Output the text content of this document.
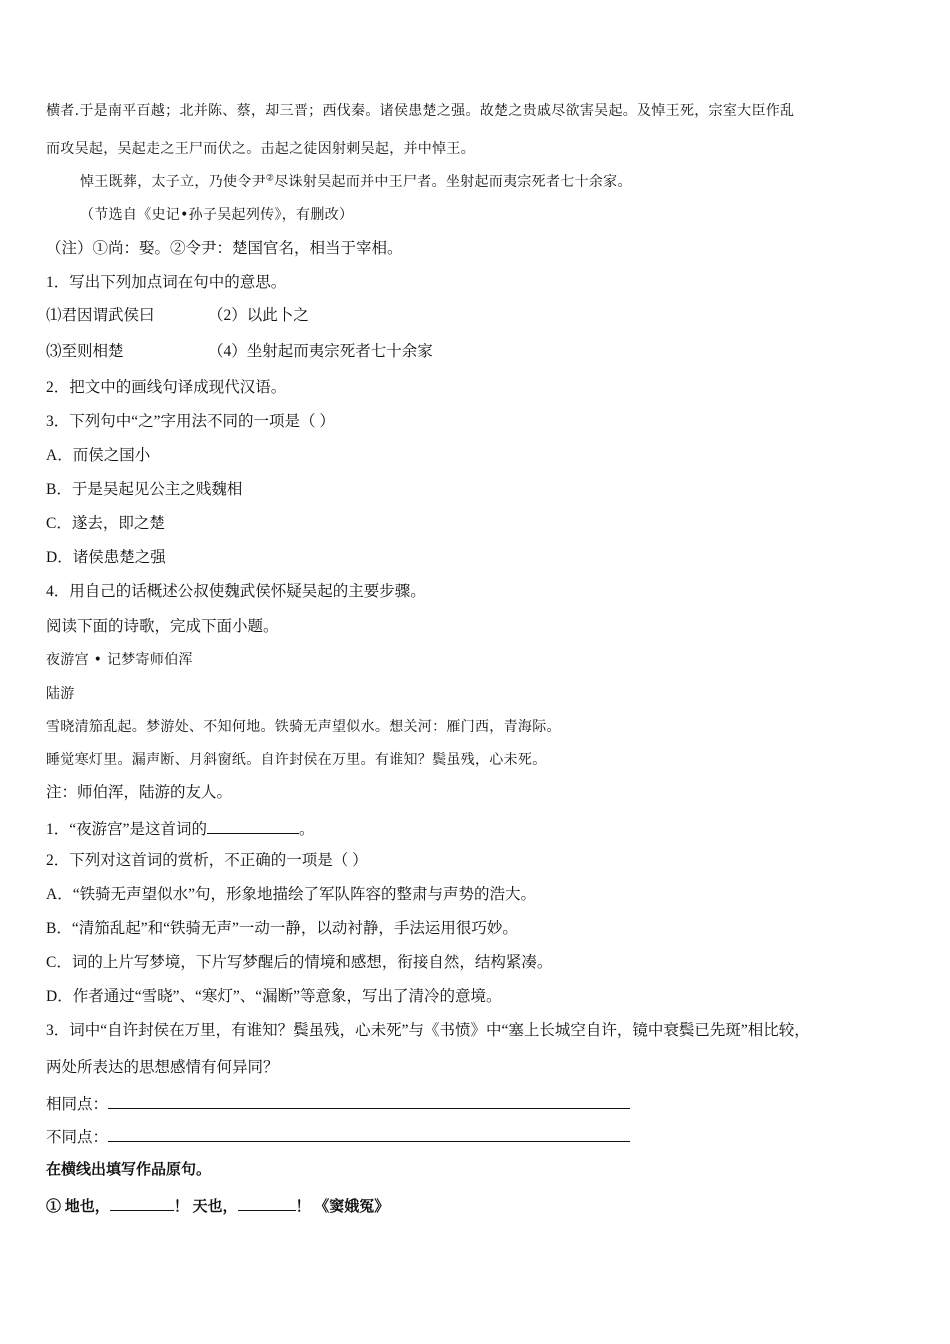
横者.于是南平百越；北并陈、蔡，却三晋；西伐秦。诸侯患楚之强。故楚之贵戚尽欲害吴起。及悼王死，宗室大臣作乱
而攻吴起，吴起走之王尸而伏之。击起之徒因射刺吴起，并中悼王。
悼王既葬，太子立，乃使令尹②尽诛射吴起而并中王尸者。坐射起而夷宗死者七十余家。
（节选自《史记•孙子吴起列传》，有删改）
（注）①尚：娶。②令尹：楚国官名，相当于宰相。
1．写出下列加点词在句中的意思。
⑴君因谓武侯曰	（2）以此卜之
⑶至则相楚	（4）坐射起而夷宗死者七十余家
2．把文中的画线句译成现代汉语。
3．下列句中“之”字用法不同的一项是（ ）
A．而侯之国小
B．于是吴起见公主之贱魏相
C．遂去，即之楚
D．诸侯患楚之强
4．用自己的话概述公叔使魏武侯怀疑吴起的主要步骤。
阅读下面的诗歌，完成下面小题。
夜游宫 • 记梦寄师伯浑
陆游
雪晓清笳乱起。梦游处、不知何地。铁骑无声望似水。想关河：雁门西，青海际。
睡觉寒灯里。漏声断、月斜窗纸。自许封侯在万里。有谁知？鬓虽残，心未死。
注：师伯浑，陆游的友人。
1．“夜游宫”是这首词的	。
2．下列对这首词的赏析，不正确的一项是（ ）
A．“铁骑无声望似水”句，形象地描绘了军队阵容的整肃与声势的浩大。
B．“清笳乱起”和“铁骑无声”一动一静，以动衬静，手法运用很巧妙。
C．词的上片写梦境，下片写梦醒后的情境和感想，衔接自然，结构紧凑。
D．作者通过“雪晓”、“寒灯”、“漏断”等意象，写出了清冷的意境。
3．词中“自许封侯在万里，有谁知？鬓虽残，心未死”与《书愤》中“塞上长城空自许，镜中衰鬓已先斑”相比较，
两处所表达的思想感情有何异同？
相同点：
不同点：
在横线出填写作品原句。
① 地也，	！ 天也，	！ 《窦娥冤》
